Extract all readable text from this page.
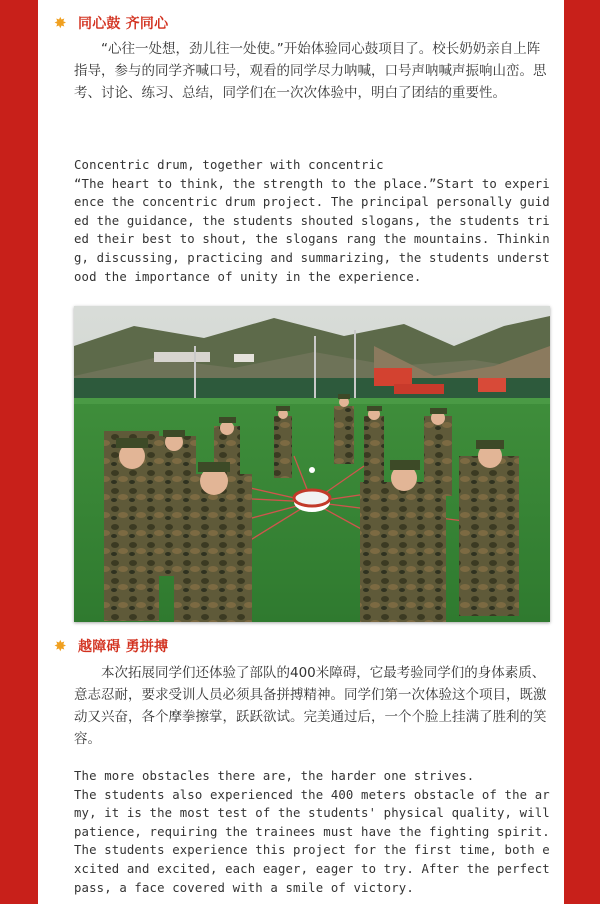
✸ 同心鼓 齐同心

“心往一处想，劲儿往一处使。”开始体验同心鼓项目了。校长奶奶亲自上阵指导，参与的同学齐喊口号，观看的同学尽力呐喊，口号声呐喊声振响山峦。思考、讨论、练习、总结，同学们在一次次体验中，明白了团结的重要性。

Concentric drum, together with concentric
“The heart to think, the strength to the place.”Start to experience the concentric drum project. The principal personally guided the guidance, the students shouted slogans, the students tried their best to shout, the slogans rang the mountains. Thinking, discussing, practicing and summarizing, the students understood the importance of unity in the experience.

✸ 越障碍 勇拼搏

本次拓展同学们还体验了部队的400米障碍，它最考验同学们的身体素质、意志忍耐，要求受训人员必须具备拼搏精神。同学们第一次体验这个项目，既激动又兴奋，各个摩拳擦掌，跃跃欲试。完美通过后，一个个脸上挂满了胜利的笑容。

The more obstacles there are, the harder one strives.
The students also experienced the 400 meters obstacle of the army, it is the most test of the students' physical quality, will patience, requiring the trainees must have the fighting spirit. The students experience this project for the first time, both excited and excited, each eager, eager to try. After the perfect pass, a face covered with a smile of victory.
